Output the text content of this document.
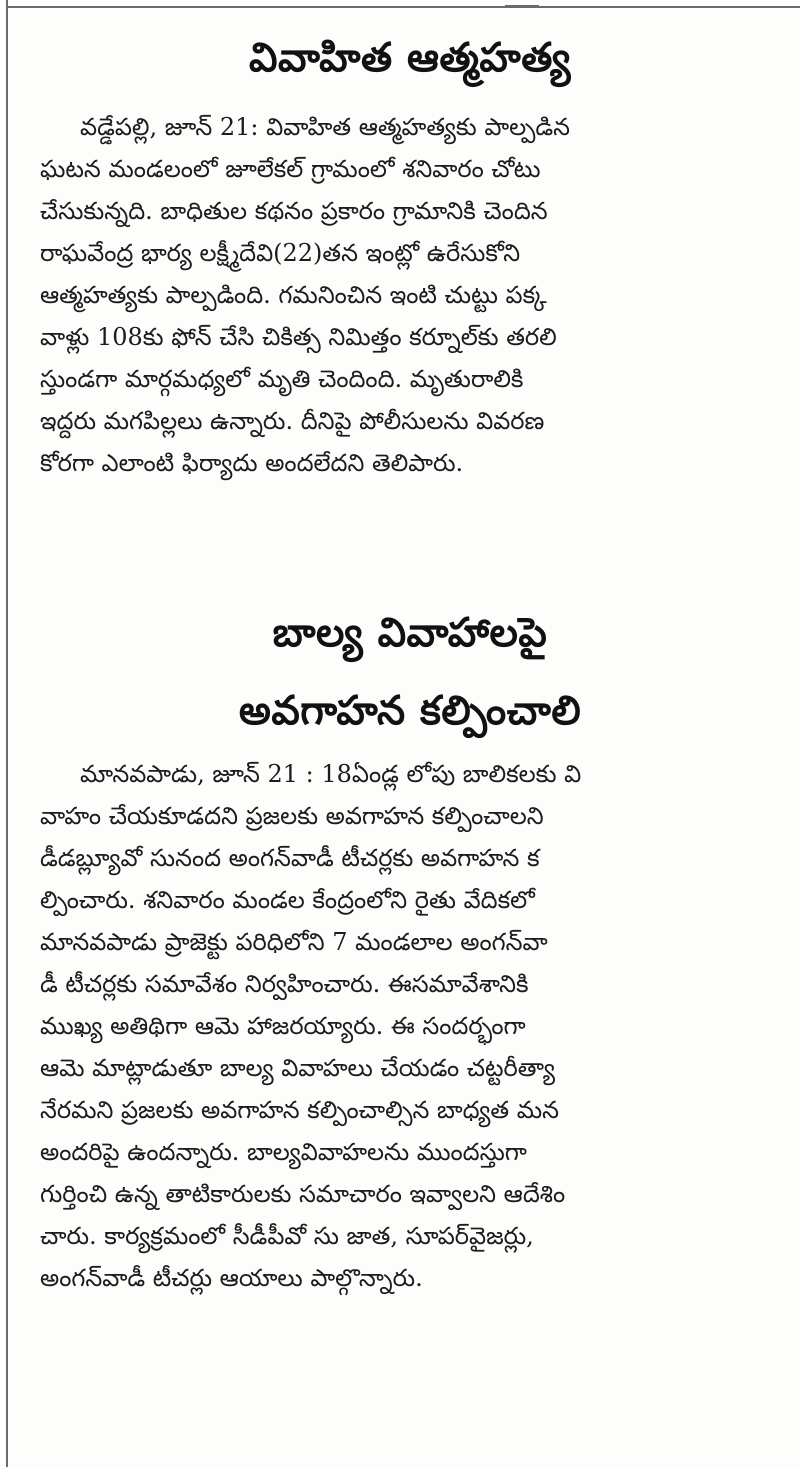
వివాహిత ఆత్మహత్య
వడ్డేపల్లి, జూన్ 21: వివాహిత ఆత్మహత్యకు పాల్పడిన
ఘటన మండలంలో జూలేకల్ గ్రామంలో శనివారం చోటు
చేసుకున్నది. బాధితుల కథనం ప్రకారం గ్రామానికి చెందిన
రాఘవేంద్ర భార్య లక్ష్మీదేవి(22)తన ఇంట్లో ఉరేసుకోని
ఆత్మహత్యకు పాల్పడింది. గమనించిన ఇంటి చుట్టు పక్క
వాళ్లు 108కు ఫోన్ చేసి చికిత్స నిమిత్తం కర్నూల్‌కు తరలి
స్తుండగా మార్గమధ్యలో మృతి చెందింది. మృతురాలికి
ఇద్దరు మగపిల్లలు ఉన్నారు. దీనిపై పోలీసులను వివరణ
కోరగా ఎలాంటి ఫిర్యాదు అందలేదని తెలిపారు.
బాల్య వివాహాలపై
అవగాహన కల్పించాలి
మానవపాడు, జూన్ 21 : 18ఏండ్ల లోపు బాలికలకు వి
వాహం చేయకూడదని ప్రజలకు అవగాహన కల్పించాలని
డీడబ్ల్యూవో సునంద అంగన్‌వాడీ టీచర్లకు అవగాహన క
ల్పించారు. శనివారం మండల కేంద్రంలోని రైతు వేదికలో
మానవపాడు ప్రాజెక్టు పరిధిలోని 7 మండలాల అంగన్‌వా
డీ టీచర్లకు సమావేశం నిర్వహించారు. ఈసమావేశానికి
ముఖ్య అతిథిగా ఆమె హాజరయ్యారు. ఈ సందర్భంగా
ఆమె మాట్లాడుతూ బాల్య వివాహలు చేయడం చట్టరీత్యా
నేరమని ప్రజలకు అవగాహన కల్పించాల్సిన బాధ్యత మన
అందరిపై ఉందన్నారు. బాల్యవివాహలను ముందస్తుగా
గుర్తించి ఉన్న తాటికారులకు సమాచారం ఇవ్వాలని ఆదేశిం
చారు. కార్యక్రమంలో సీడీపీవో సు జాత, సూపర్‌వైజర్లు,
అంగన్‌వాడీ టీచర్లు ఆయాలు పాల్గొన్నారు.
